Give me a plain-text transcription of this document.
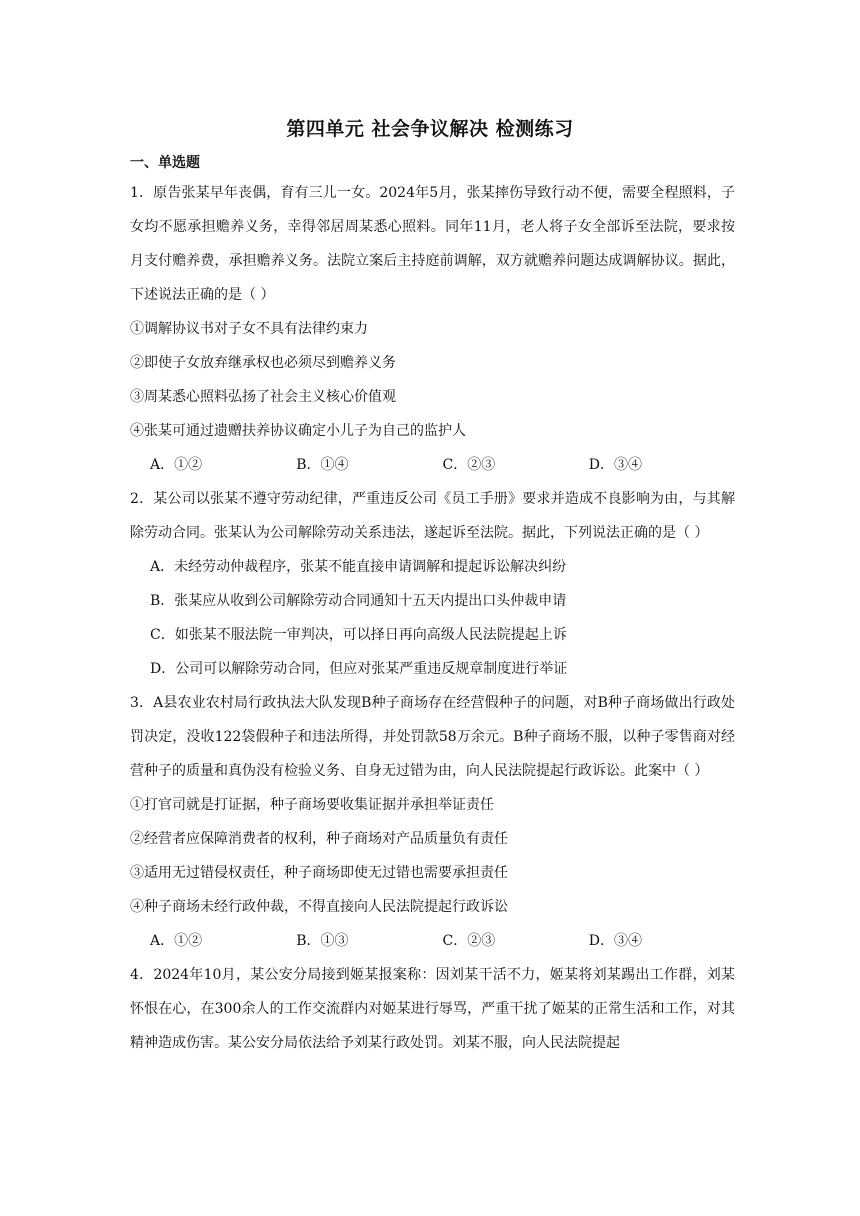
第四单元 社会争议解决 检测练习
一、单选题
1．原告张某早年丧偶，育有三儿一女。2024年5月，张某摔伤导致行动不便，需要全程照料，子女均不愿承担赡养义务，幸得邻居周某悉心照料。同年11月，老人将子女全部诉至法院，要求按月支付赡养费，承担赡养义务。法院立案后主持庭前调解，双方就赡养问题达成调解协议。据此，下述说法正确的是（ ）
①调解协议书对子女不具有法律约束力
②即使子女放弃继承权也必须尽到赡养义务
③周某悉心照料弘扬了社会主义核心价值观
④张某可通过遗赠扶养协议确定小儿子为自己的监护人
A．①②	B．①④	C．②③	D．③④
2．某公司以张某不遵守劳动纪律，严重违反公司《员工手册》要求并造成不良影响为由，与其解除劳动合同。张某认为公司解除劳动关系违法，遂起诉至法院。据此，下列说法正确的是（ ）
A．未经劳动仲裁程序，张某不能直接申请调解和提起诉讼解决纠纷
B．张某应从收到公司解除劳动合同通知十五天内提出口头仲裁申请
C．如张某不服法院一审判决，可以择日再向高级人民法院提起上诉
D．公司可以解除劳动合同，但应对张某严重违反规章制度进行举证
3．A县农业农村局行政执法大队发现B种子商场存在经营假种子的问题，对B种子商场做出行政处罚决定，没收122袋假种子和违法所得，并处罚款58万余元。B种子商场不服，以种子零售商对经营种子的质量和真伪没有检验义务、自身无过错为由，向人民法院提起行政诉讼。此案中（ ）
①打官司就是打证据，种子商场要收集证据并承担举证责任
②经营者应保障消费者的权利，种子商场对产品质量负有责任
③适用无过错侵权责任，种子商场即使无过错也需要承担责任
④种子商场未经行政仲裁，不得直接向人民法院提起行政诉讼
A．①②	B．①③	C．②③	D．③④
4．2024年10月，某公安分局接到姬某报案称：因刘某干活不力，姬某将刘某踢出工作群，刘某怀恨在心，在300余人的工作交流群内对姬某进行辱骂，严重干扰了姬某的正常生活和工作，对其精神造成伤害。某公安分局依法给予刘某行政处罚。刘某不服，向人民法院提起
